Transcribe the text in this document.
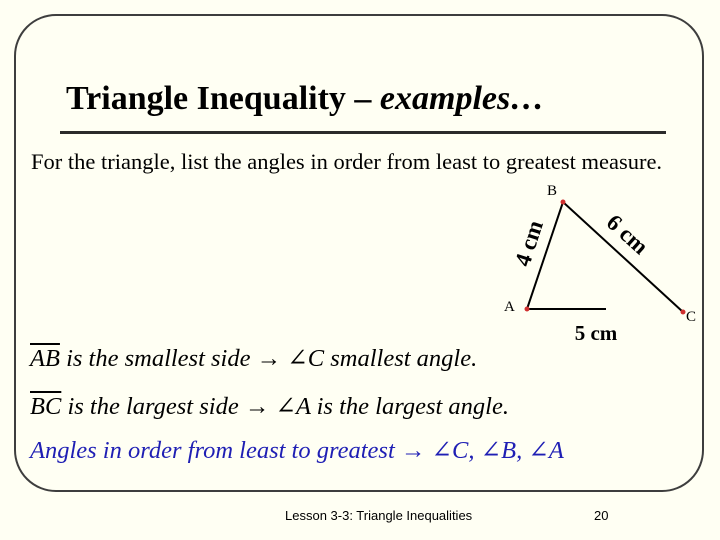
Triangle Inequality – examples…
For the triangle, list the angles in order from least to greatest measure.
B
A
C
4 cm 6 cm
5 cm
$\overline{AB}$ is the smallest side → ∠C smallest angle.
$\overline{BC}$ is the largest side → ∠A is the largest angle.
Angles in order from least to greatest → ∠C, ∠B, ∠A
Lesson 3-3: Triangle Inequalities	20
